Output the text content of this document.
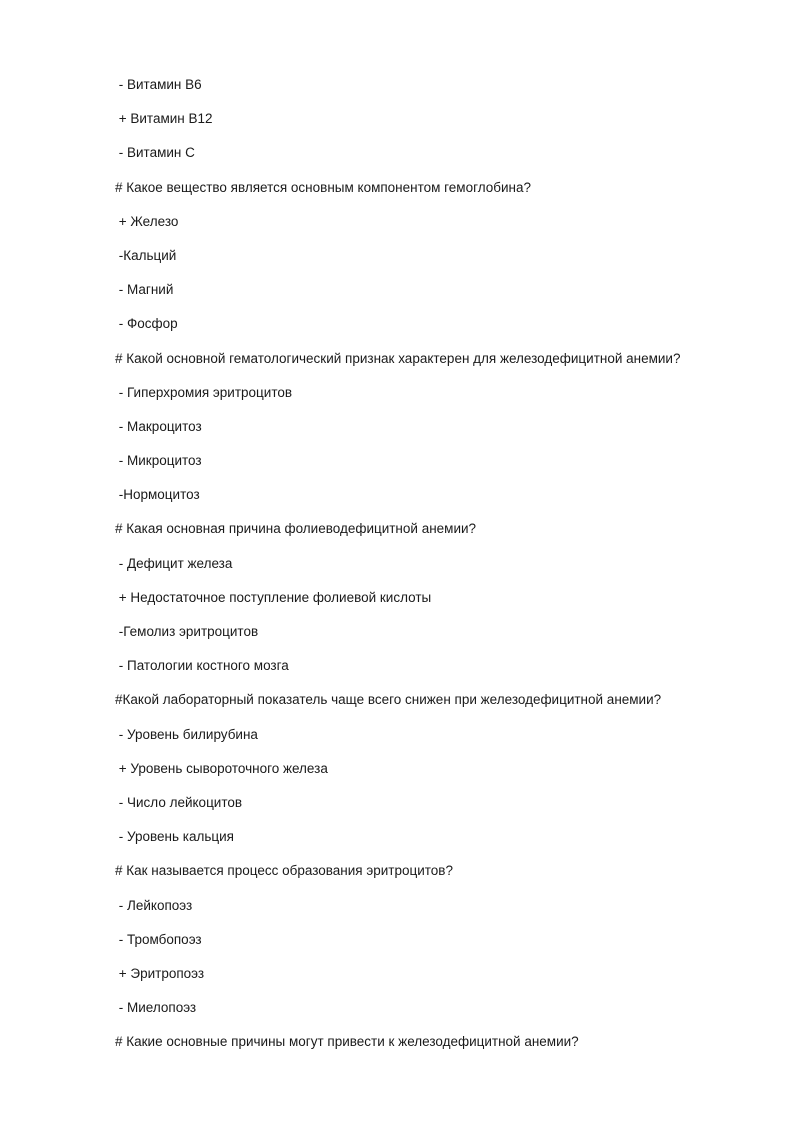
- Витамин B6
+ Витамин B12
- Витамин С
# Какое вещество является основным компонентом гемоглобина?
+ Железо
-Кальций
- Магний
- Фосфор
# Какой основной гематологический признак характерен для железодефицитной анемии?
- Гиперхромия эритроцитов
- Макроцитоз
- Микроцитоз
-Нормоцитоз
# Какая основная причина фолиеводефицитной анемии?
- Дефицит железа
+ Недостаточное поступление фолиевой кислоты
-Гемолиз эритроцитов
- Патологии костного мозга
#Какой лабораторный показатель чаще всего снижен при железодефицитной анемии?
- Уровень билирубина
+ Уровень сывороточного железа
- Число лейкоцитов
- Уровень кальция
# Как называется процесс образования эритроцитов?
- Лейкопоэз
- Тромбопоэз
+ Эритропоэз
- Миелопоэз
# Какие основные причины могут привести к железодефицитной анемии?
